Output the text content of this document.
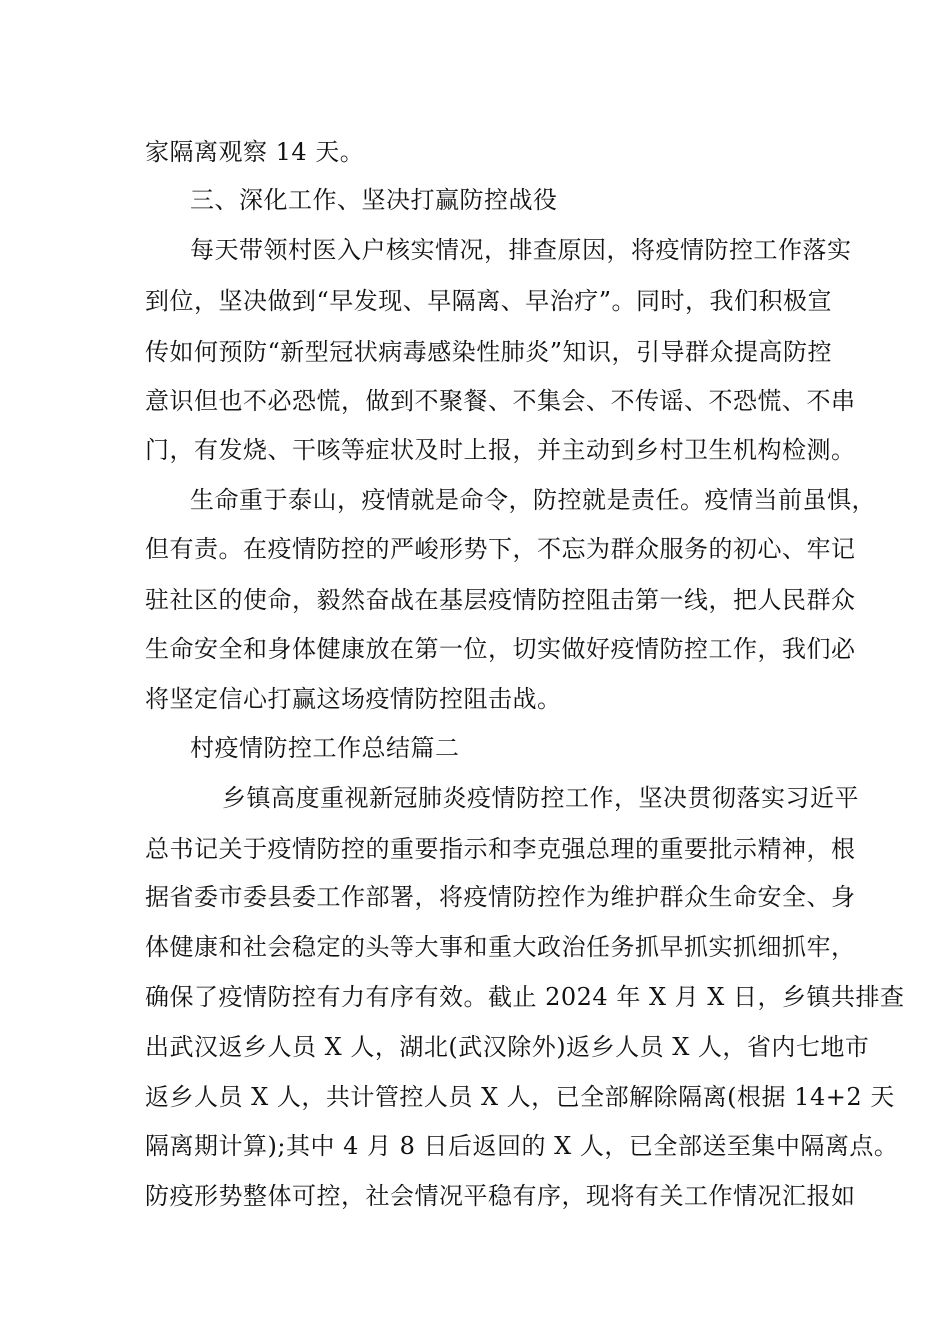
家隔离观察 14 天。
三、深化工作、坚决打赢防控战役
每天带领村医入户核实情况，排查原因，将疫情防控工作落实
到位，坚决做到“早发现、早隔离、早治疗”。同时，我们积极宣
传如何预防“新型冠状病毒感染性肺炎”知识，引导群众提高防控
意识但也不必恐慌，做到不聚餐、不集会、不传谣、不恐慌、不串
门，有发烧、干咳等症状及时上报，并主动到乡村卫生机构检测。
生命重于泰山，疫情就是命令，防控就是责任。疫情当前虽惧，
但有责。在疫情防控的严峻形势下，不忘为群众服务的初心、牢记
驻社区的使命，毅然奋战在基层疫情防控阻击第一线，把人民群众
生命安全和身体健康放在第一位，切实做好疫情防控工作，我们必
将坚定信心打赢这场疫情防控阻击战。
村疫情防控工作总结篇二
乡镇高度重视新冠肺炎疫情防控工作，坚决贯彻落实习近平
总书记关于疫情防控的重要指示和李克强总理的重要批示精神，根
据省委市委县委工作部署，将疫情防控作为维护群众生命安全、身
体健康和社会稳定的头等大事和重大政治任务抓早抓实抓细抓牢，
确保了疫情防控有力有序有效。截止 2024 年 X 月 X 日，乡镇共排查
出武汉返乡人员 X 人，湖北(武汉除外)返乡人员 X 人，省内七地市
返乡人员 X 人，共计管控人员 X 人，已全部解除隔离(根据 14+2 天
隔离期计算);其中 4 月 8 日后返回的 X 人，已全部送至集中隔离点。
防疫形势整体可控，社会情况平稳有序，现将有关工作情况汇报如
